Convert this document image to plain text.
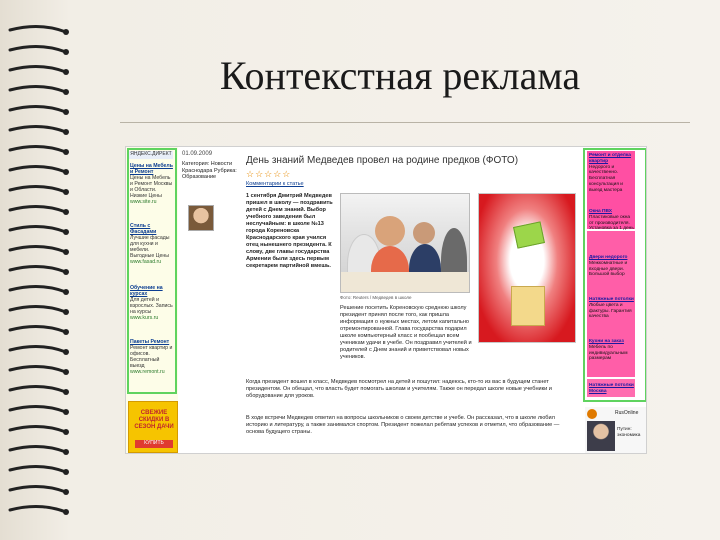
Контекстная реклама
ЯНДЕКС.ДИРЕКТ
Цены на Мебель и Ремонт
Цены на Мебель и Ремонт Москвы и Области. Низкие Цены
www.site.ru
Стиль с Фасадами
Лучшие фасады для кухни и мебели. Выгодные Цены
www.fasad.ru
Обучение на курсах
Для детей и взрослых. Запись на курсы
www.kurs.ru
Пакеты Ремонт
Ремонт квартир и офисов. Бесплатный выезд
www.remont.ru
СВЕЖИЕ СКИДКИ В СЕЗОН ДАЧИ
КУПИТЬ
01.09.2009
Категория: Новости Краснодара Рубрика: Образование
День знаний Медведев провел на родине предков (ФОТО)
☆☆☆☆☆
Комментарии к статье
1 сентября Дмитрий Медведев пришел в школу — поздравить детей с Днем знаний. Выбор учебного заведения был неслучайным: в школе №13 города Кореновска Краснодарского края учился отец нынешнего президента. К слову, две главы государства Армении были здесь первым секретарем партийной вмешь.
Фото: Reuters / Медведев в школе
Решение посетить Кореновскую среднюю школу президент принял после того, как пришла информация о нужных местах, летом капитально отремонтированной. Глава государства подарил школе компьютерный класс и пообещал всем ученикам удачи в учебе. Он поздравил учителей и родителей с Днем знаний и приветствовал новых учеников.
Когда президент вошел в класс, Медведев посмотрел на детей и пошутил: надеюсь, кто-то из вас в будущем станет президентом. Он обещал, что власть будет помогать школам и учителям. Также он передал школе новые учебники и оборудование для уроков.
В ходе встречи Медведев ответил на вопросы школьников о своем детстве и учебе. Он рассказал, что в школе любил историю и литературу, а также занимался спортом. Президент пожелал ребятам успехов и отметил, что образование — основа будущего страны.
Ремонт и отделка квартир
Недорого и качественно. Бесплатная консультация и выезд мастера
Окна ПВХ
Пластиковые окна от производителя. Установка за 1 день
Двери недорого
Межкомнатные и входные двери. Большой выбор
Натяжные потолки
Любые цвета и фактуры. Гарантия качества
Кухни на заказ
Мебель по индивидуальным размерам
Натяжные потолки Москва
RusOnline
Путин: экономика
